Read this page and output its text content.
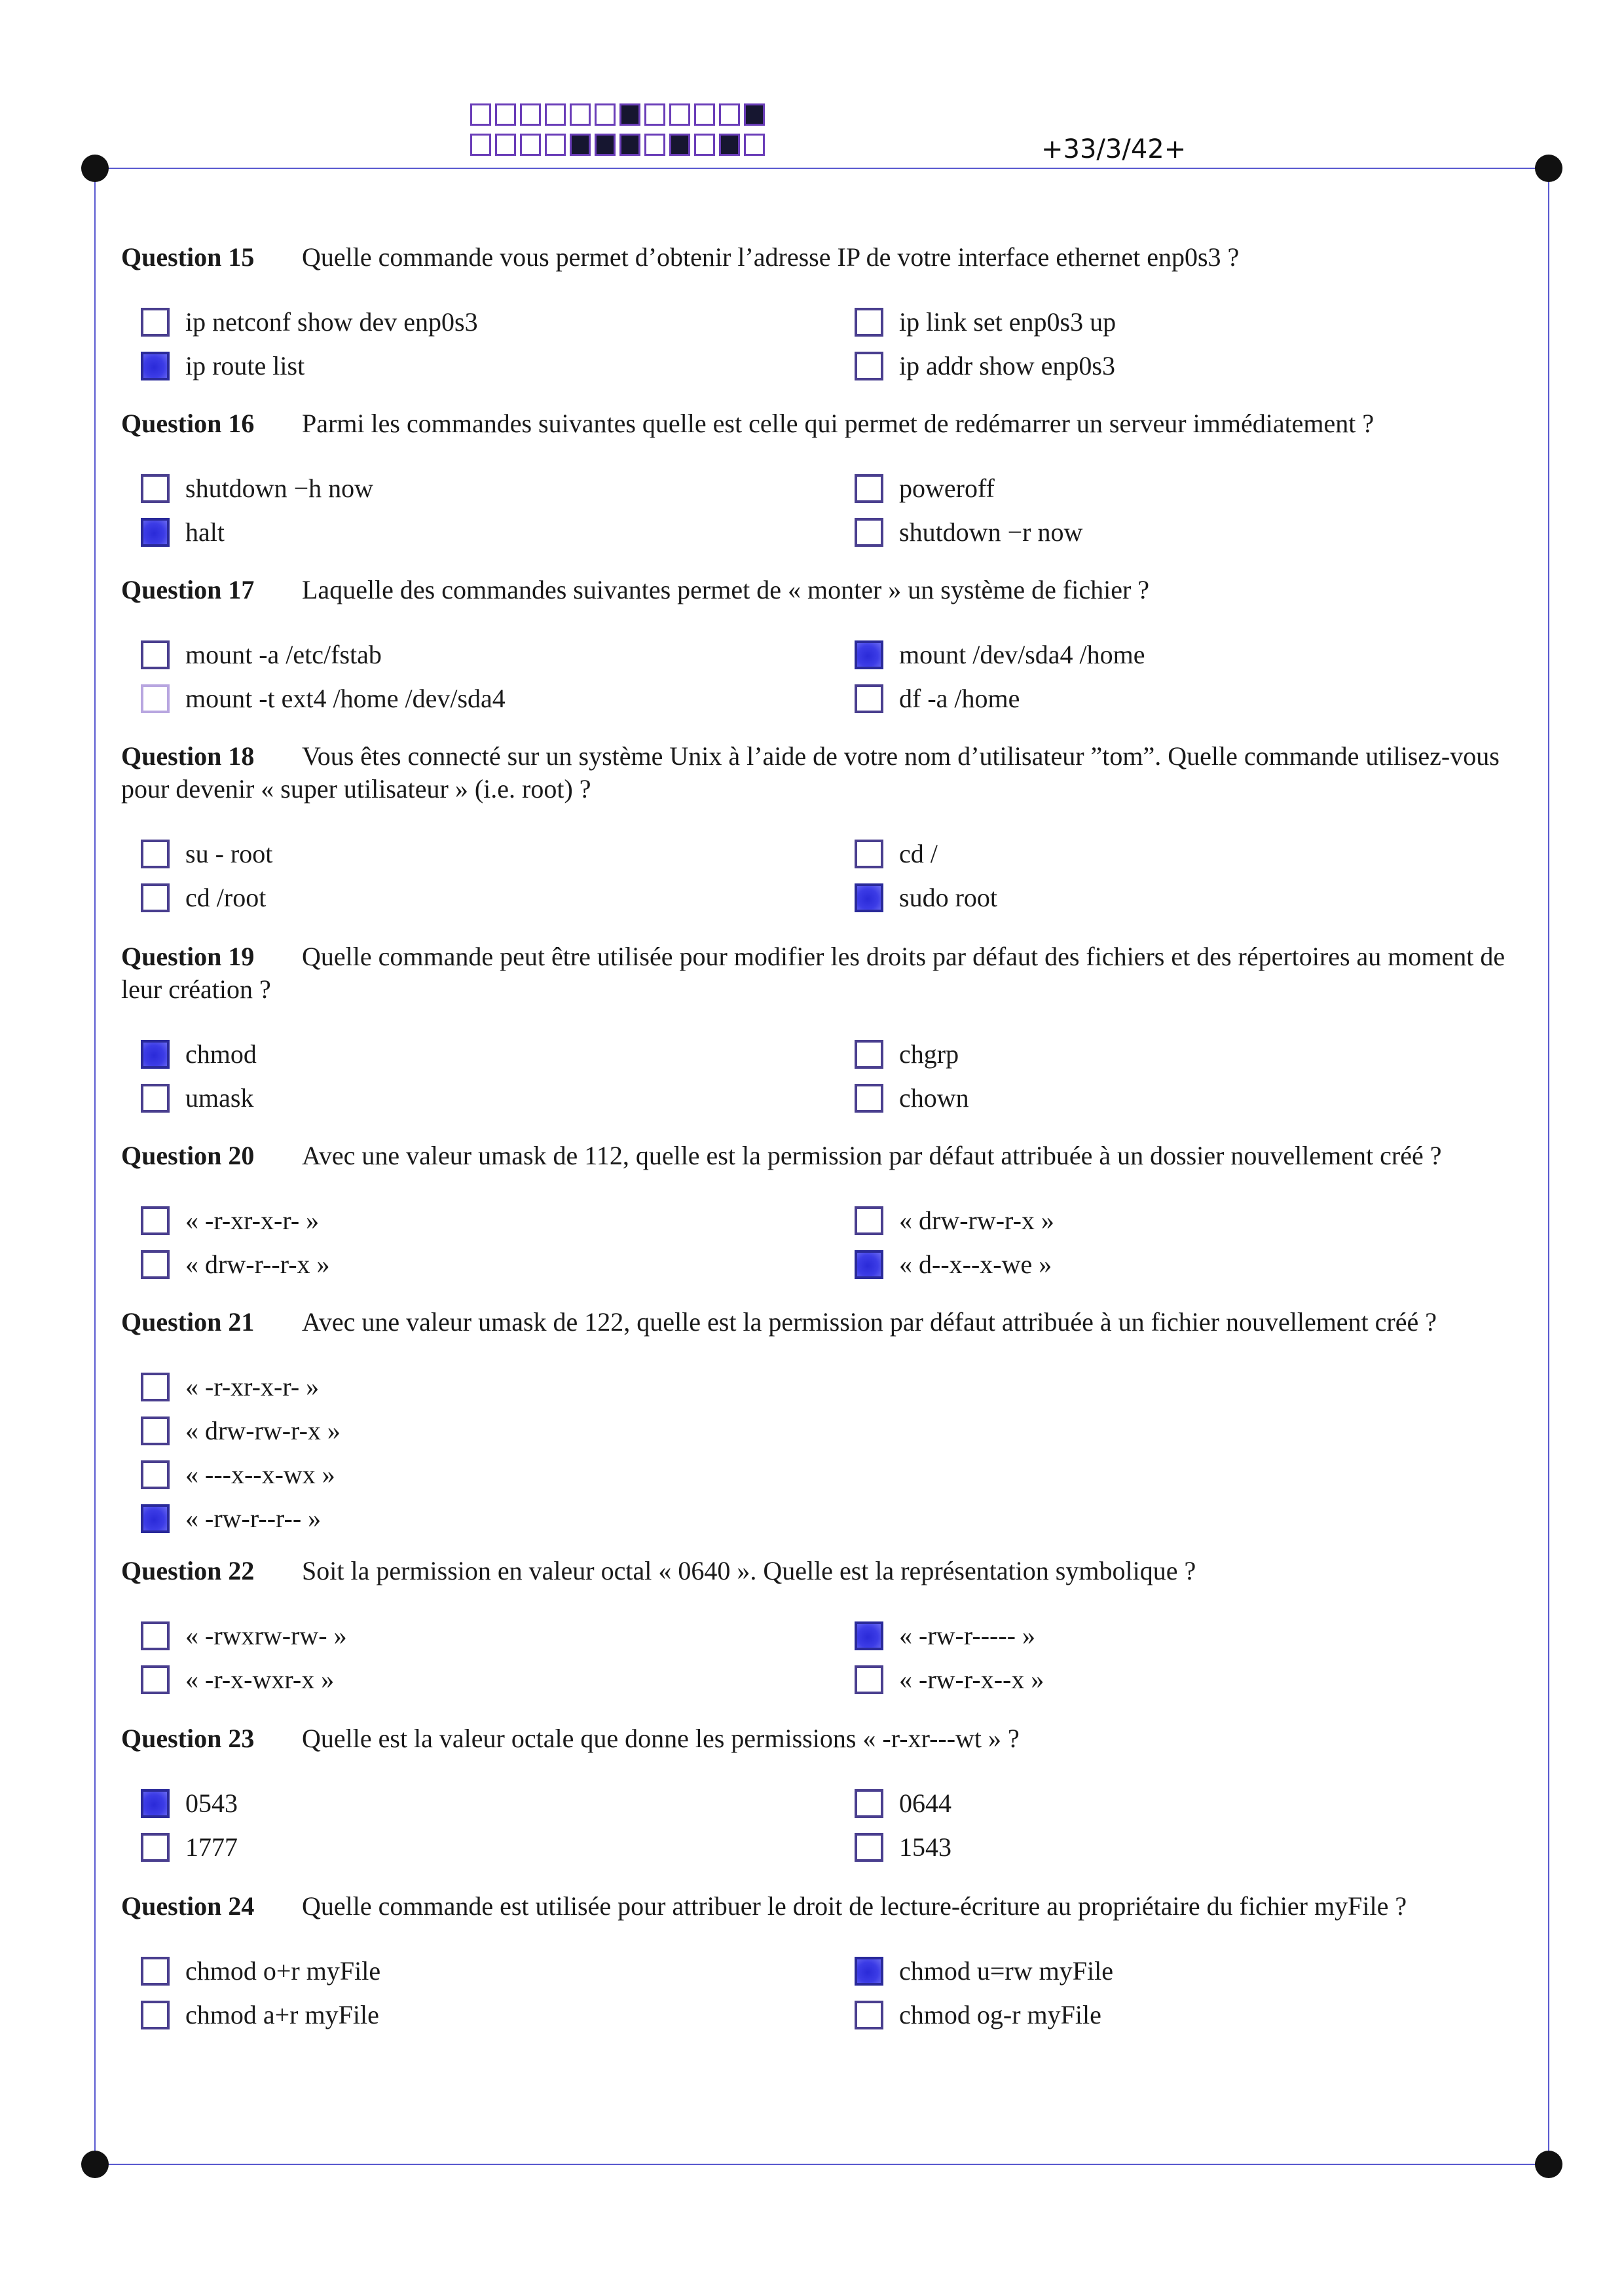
+33/3/42+
Question 15 Quelle commande vous permet d’obtenir l’adresse IP de votre interface ethernet enp0s3 ?
ip netconf show dev enp0s3	ip link set enp0s3 up
ip route list	ip addr show enp0s3
Question 16 Parmi les commandes suivantes quelle est celle qui permet de redémarrer un serveur immédiatement ?
shutdown −h now	poweroff
halt	shutdown −r now
Question 17 Laquelle des commandes suivantes permet de « monter » un système de fichier ?
mount -a /etc/fstab	mount /dev/sda4 /home
mount -t ext4 /home /dev/sda4	df -a /home
Question 18 Vous êtes connecté sur un système Unix à l’aide de votre nom d’utilisateur ”tom”. Quelle commande utilisez-vous pour devenir « super utilisateur » (i.e. root) ?
su - root	cd /
cd /root	sudo root
Question 19 Quelle commande peut être utilisée pour modifier les droits par défaut des fichiers et des répertoires au moment de leur création ?
chmod	chgrp
umask	chown
Question 20 Avec une valeur umask de 112, quelle est la permission par défaut attribuée à un dossier nouvellement créé ?
« -r-xr-x-r- »	« drw-rw-r-x »
« drw-r--r-x »	« d--x--x-we »
Question 21 Avec une valeur umask de 122, quelle est la permission par défaut attribuée à un fichier nouvellement créé ?
« -r-xr-x-r- »
« drw-rw-r-x »
« ---x--x-wx »
« -rw-r--r-- »
Question 22 Soit la permission en valeur octal « 0640 ». Quelle est la représentation symbolique ?
« -rwxrw-rw- »	« -rw-r----- »
« -r-x-wxr-x »	« -rw-r-x--x »
Question 23 Quelle est la valeur octale que donne les permissions « -r-xr---wt » ?
0543	0644
1777	1543
Question 24 Quelle commande est utilisée pour attribuer le droit de lecture-écriture au propriétaire du fichier myFile ?
chmod o+r myFile	chmod u=rw myFile
chmod a+r myFile	chmod og-r myFile
